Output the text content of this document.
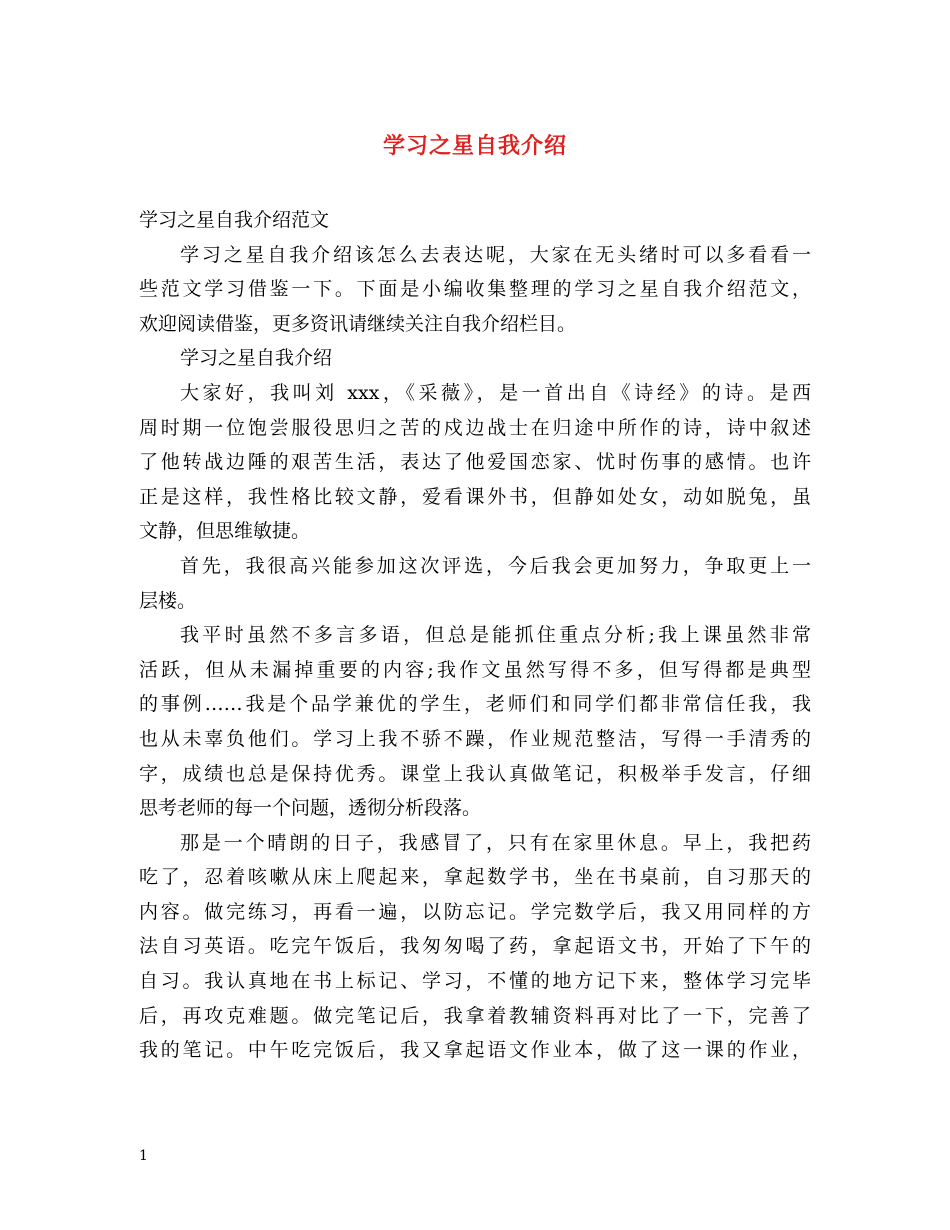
学习之星自我介绍
学习之星自我介绍范文
学习之星自我介绍该怎么去表达呢，大家在无头绪时可以多看看一
些范文学习借鉴一下。下面是小编收集整理的学习之星自我介绍范文，
欢迎阅读借鉴，更多资讯请继续关注自我介绍栏目。
学习之星自我介绍
大家好，我叫刘 xxx，《采薇》，是一首出自《诗经》的诗。是西
周时期一位饱尝服役思归之苦的戍边战士在归途中所作的诗，诗中叙述
了他转战边陲的艰苦生活，表达了他爱国恋家、忧时伤事的感情。也许
正是这样，我性格比较文静，爱看课外书，但静如处女，动如脱兔，虽
文静，但思维敏捷。
首先，我很高兴能参加这次评选，今后我会更加努力，争取更上一
层楼。
我平时虽然不多言多语，但总是能抓住重点分析;我上课虽然非常
活跃，但从未漏掉重要的内容;我作文虽然写得不多，但写得都是典型
的事例……我是个品学兼优的学生，老师们和同学们都非常信任我，我
也从未辜负他们。学习上我不骄不躁，作业规范整洁，写得一手清秀的
字，成绩也总是保持优秀。课堂上我认真做笔记，积极举手发言，仔细
思考老师的每一个问题，透彻分析段落。
那是一个晴朗的日子，我感冒了，只有在家里休息。早上，我把药
吃了，忍着咳嗽从床上爬起来，拿起数学书，坐在书桌前，自习那天的
内容。做完练习，再看一遍，以防忘记。学完数学后，我又用同样的方
法自习英语。吃完午饭后，我匆匆喝了药，拿起语文书，开始了下午的
自习。我认真地在书上标记、学习，不懂的地方记下来，整体学习完毕
后，再攻克难题。做完笔记后，我拿着教辅资料再对比了一下，完善了
我的笔记。中午吃完饭后，我又拿起语文作业本，做了这一课的作业，
1
